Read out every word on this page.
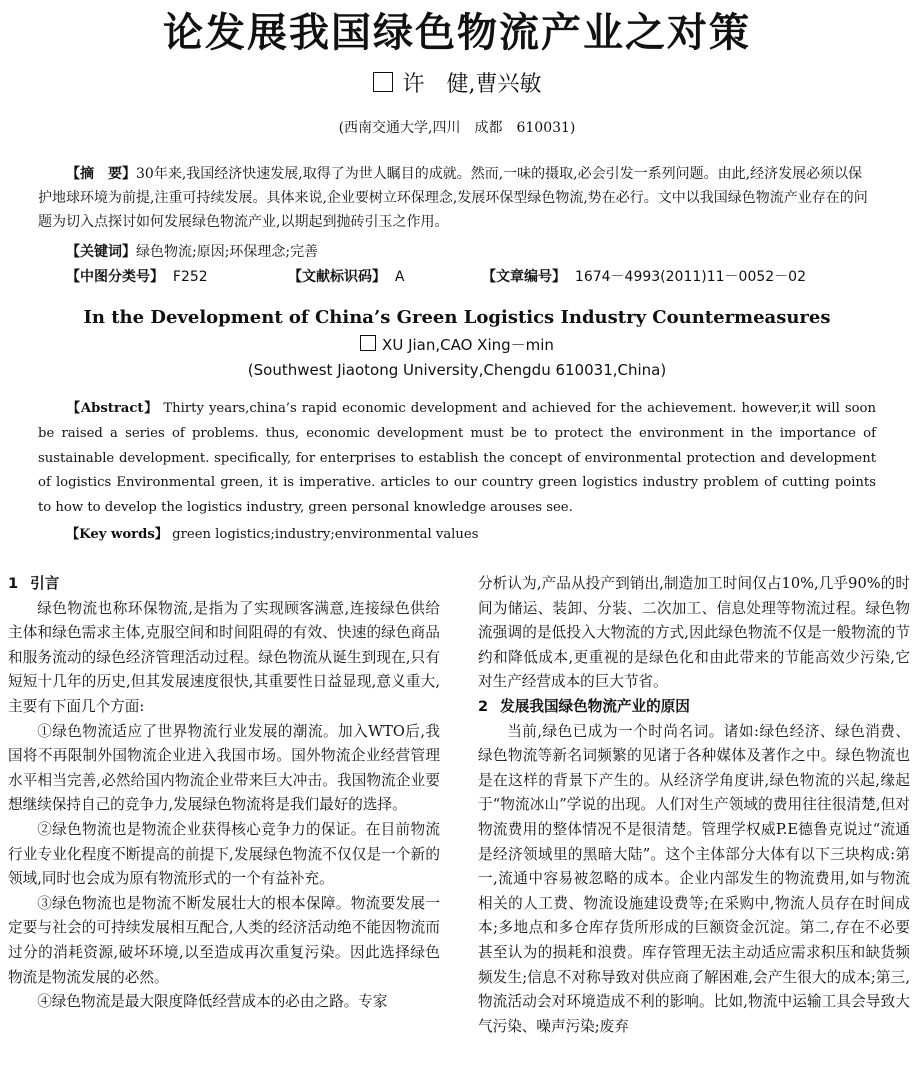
论发展我国绿色物流产业之对策
许　健,曹兴敏
(西南交通大学,四川　成都　610031)
【摘　要】30年来,我国经济快速发展,取得了为世人瞩目的成就。然而,一味的摄取,必会引发一系列问题。由此,经济发展必须以保护地球环境为前提,注重可持续发展。具体来说,企业要树立环保理念,发展环保型绿色物流,势在必行。文中以我国绿色物流产业存在的问题为切入点探讨如何发展绿色物流产业,以期起到抛砖引玉之作用。
【关键词】绿色物流;原因;环保理念;完善
【中图分类号】 F252	【文献标识码】 A	【文章编号】 1674－4993(2011)11－0052－02
In the Development of China’s Green Logistics Industry Countermeasures
XU Jian,CAO Xing－min
(Southwest Jiaotong University,Chengdu 610031,China)
【Abstract】 Thirty years,china’s rapid economic development and achieved for the achievement. however,it will soon be raised a series of problems. thus, economic development must be to protect the environment in the importance of sustainable development. specifically, for enterprises to establish the concept of environmental protection and development of logistics Environmental green, it is imperative. articles to our country green logistics industry problem of cutting points to how to develop the logistics industry, green personal knowledge arouses see.
【Key words】 green logistics;industry;environmental values
1 引言

绿色物流也称环保物流,是指为了实现顾客满意,连接绿色供给主体和绿色需求主体,克服空间和时间阻碍的有效、快速的绿色商品和服务流动的绿色经济管理活动过程。绿色物流从诞生到现在,只有短短十几年的历史,但其发展速度很快,其重要性日益显现,意义重大,主要有下面几个方面:

①绿色物流适应了世界物流行业发展的潮流。加入WTO后,我国将不再限制外国物流企业进入我国市场。国外物流企业经营管理水平相当完善,必然给国内物流企业带来巨大冲击。我国物流企业要想继续保持自己的竞争力,发展绿色物流将是我们最好的选择。

②绿色物流也是物流企业获得核心竞争力的保证。在目前物流行业专业化程度不断提高的前提下,发展绿色物流不仅仅是一个新的领域,同时也会成为原有物流形式的一个有益补充。

③绿色物流也是物流不断发展壮大的根本保障。物流要发展一定要与社会的可持续发展相互配合,人类的经济活动绝不能因物流而过分的消耗资源,破坏环境,以至造成再次重复污染。因此选择绿色物流是物流发展的必然。

④绿色物流是最大限度降低经营成本的必由之路。专家

分析认为,产品从投产到销出,制造加工时间仅占10%,几乎90%的时间为储运、装卸、分装、二次加工、信息处理等物流过程。绿色物流强调的是低投入大物流的方式,因此绿色物流不仅是一般物流的节约和降低成本,更重视的是绿色化和由此带来的节能高效少污染,它对生产经营成本的巨大节省。

2 发展我国绿色物流产业的原因

当前,绿色已成为一个时尚名词。诸如:绿色经济、绿色消费、绿色物流等新名词频繁的见诸于各种媒体及著作之中。绿色物流也是在这样的背景下产生的。从经济学角度讲,绿色物流的兴起,缘起于“物流冰山”学说的出现。人们对生产领域的费用往往很清楚,但对物流费用的整体情况不是很清楚。管理学权威P.E德鲁克说过“流通是经济领域里的黑暗大陆”。这个主体部分大体有以下三块构成:第一,流通中容易被忽略的成本。企业内部发生的物流费用,如与物流相关的人工费、物流设施建设费等;在采购中,物流人员存在时间成本;多地点和多仓库存货所形成的巨额资金沉淀。第二,存在不必要甚至认为的损耗和浪费。库存管理无法主动适应需求积压和缺货频频发生;信息不对称导致对供应商了解困难,会产生很大的成本;第三,物流活动会对环境造成不利的影响。比如,物流中运输工具会导致大气污染、噪声污染;废弃
